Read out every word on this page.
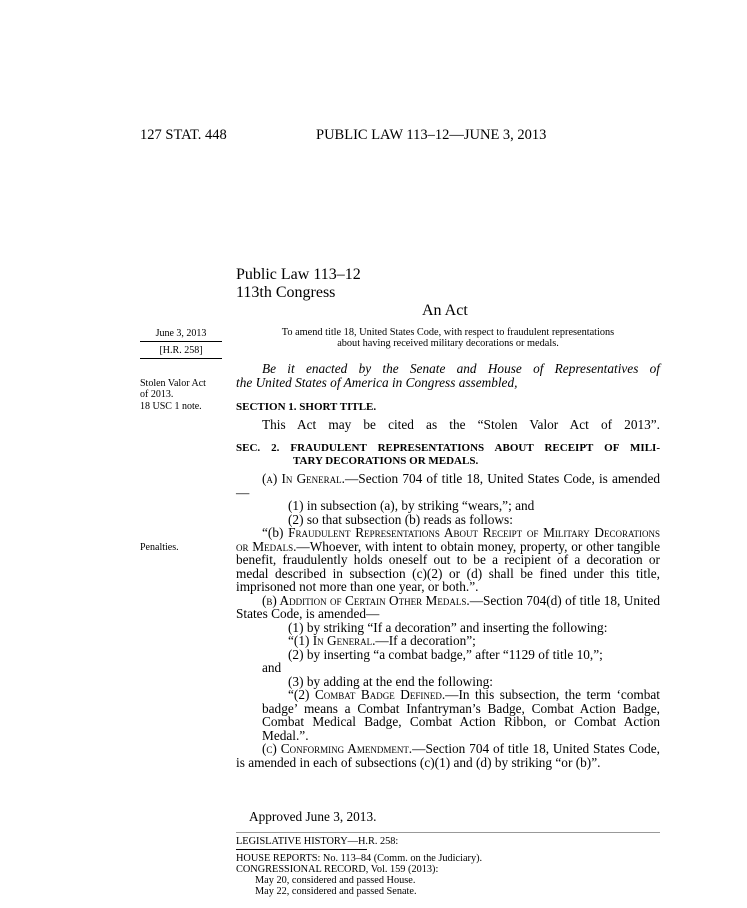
127 STAT. 448	PUBLIC LAW 113–12—JUNE 3, 2013
Public Law 113–12
113th Congress
An Act
June 3, 2013
[H.R. 258]
Stolen Valor Act
of 2013.
18 USC 1 note.
Penalties.
To amend title 18, United States Code, with respect to fraudulent representations
about having received military decorations or medals.
Be it enacted by the Senate and House of Representatives of
the United States of America in Congress assembled,
SECTION 1. SHORT TITLE.
This Act may be cited as the “Stolen Valor Act of 2013”.
SEC. 2. FRAUDULENT REPRESENTATIONS ABOUT RECEIPT OF MILI-
TARY DECORATIONS OR MEDALS.
(a) In General.—Section 704 of title 18, United States Code, is amended—
(1) in subsection (a), by striking “wears,”; and
(2) so that subsection (b) reads as follows:
“(b) Fraudulent Representations About Receipt of Military Decorations or Medals.—Whoever, with intent to obtain money, property, or other tangible benefit, fraudulently holds oneself out to be a recipient of a decoration or medal described in subsection (c)(2) or (d) shall be fined under this title, imprisoned not more than one year, or both.”.
(b) Addition of Certain Other Medals.—Section 704(d) of title 18, United States Code, is amended—
(1) by striking “If a decoration” and inserting the following:
“(1) In General.—If a decoration”;
(2) by inserting “a combat badge,” after “1129 of title 10,”;
and
(3) by adding at the end the following:
“(2) Combat Badge Defined.—In this subsection, the term ‘combat badge’ means a Combat Infantryman’s Badge, Combat Action Badge, Combat Medical Badge, Combat Action Ribbon, or Combat Action Medal.”.
(c) Conforming Amendment.—Section 704 of title 18, United States Code, is amended in each of subsections (c)(1) and (d) by striking “or (b)”.
Approved June 3, 2013.
LEGISLATIVE HISTORY—H.R. 258:
HOUSE REPORTS: No. 113–84 (Comm. on the Judiciary).
CONGRESSIONAL RECORD, Vol. 159 (2013):
May 20, considered and passed House.
May 22, considered and passed Senate.
